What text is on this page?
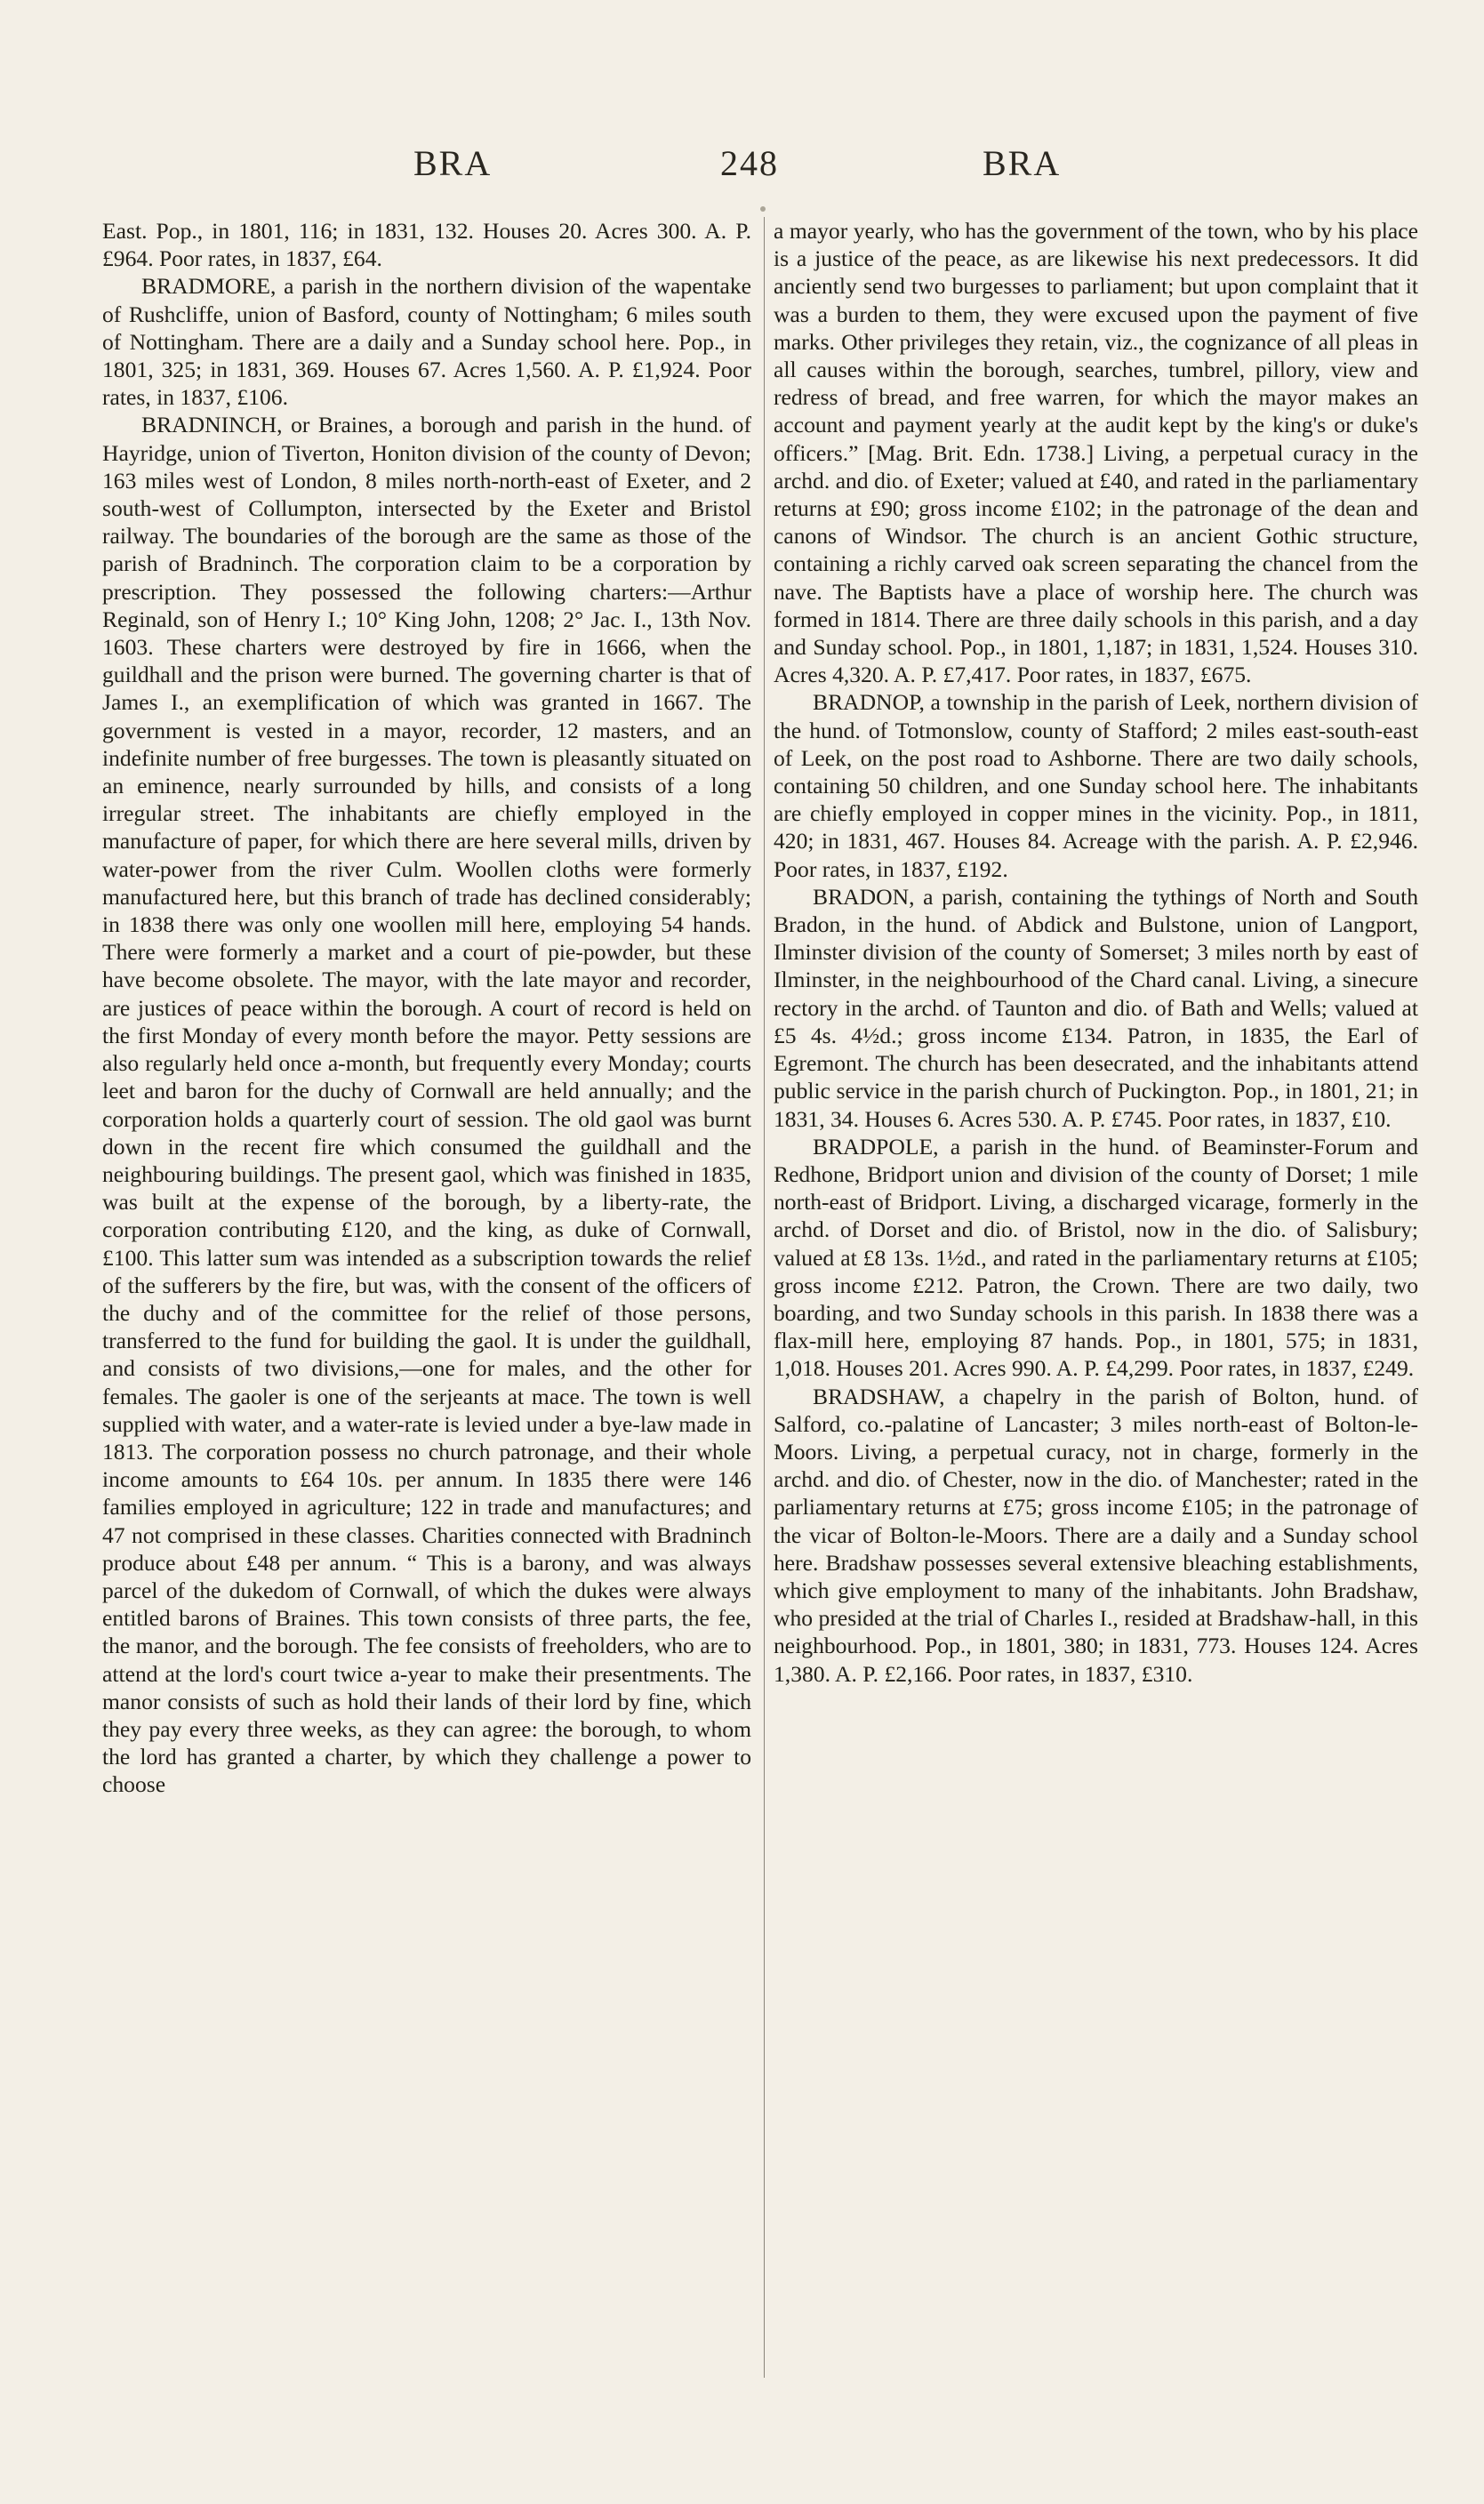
BRA	248	BRA

East. Pop., in 1801, 116; in 1831, 132. Houses 20. Acres 300. A. P. £964. Poor rates, in 1837, £64.

BRADMORE, a parish in the northern division of the wapentake of Rushcliffe, union of Basford, county of Nottingham; 6 miles south of Nottingham. There are a daily and a Sunday school here. Pop., in 1801, 325; in 1831, 369. Houses 67. Acres 1,560. A. P. £1,924. Poor rates, in 1837, £106.

BRADNINCH, or Braines, a borough and parish in the hund. of Hayridge, union of Tiverton, Honiton division of the county of Devon; 163 miles west of London, 8 miles north-north-east of Exeter, and 2 south-west of Collumpton, intersected by the Exeter and Bristol railway. The boundaries of the borough are the same as those of the parish of Bradninch. The corporation claim to be a corporation by prescription. They possessed the following charters:—Arthur Reginald, son of Henry I.; 10° King John, 1208; 2° Jac. I., 13th Nov. 1603. These charters were destroyed by fire in 1666, when the guildhall and the prison were burned. The governing charter is that of James I., an exemplification of which was granted in 1667. The government is vested in a mayor, recorder, 12 masters, and an indefinite number of free burgesses. The town is pleasantly situated on an eminence, nearly surrounded by hills, and consists of a long irregular street. The inhabitants are chiefly employed in the manufacture of paper, for which there are here several mills, driven by water-power from the river Culm. Woollen cloths were formerly manufactured here, but this branch of trade has declined considerably; in 1838 there was only one woollen mill here, employing 54 hands. There were formerly a market and a court of pie-powder, but these have become obsolete. The mayor, with the late mayor and recorder, are justices of peace within the borough. A court of record is held on the first Monday of every month before the mayor. Petty sessions are also regularly held once a-month, but frequently every Monday; courts leet and baron for the duchy of Cornwall are held annually; and the corporation holds a quarterly court of session. The old gaol was burnt down in the recent fire which consumed the guildhall and the neighbouring buildings. The present gaol, which was finished in 1835, was built at the expense of the borough, by a liberty-rate, the corporation contributing £120, and the king, as duke of Cornwall, £100. This latter sum was intended as a subscription towards the relief of the sufferers by the fire, but was, with the consent of the officers of the duchy and of the committee for the relief of those persons, transferred to the fund for building the gaol. It is under the guildhall, and consists of two divisions,—one for males, and the other for females. The gaoler is one of the serjeants at mace. The town is well supplied with water, and a water-rate is levied under a bye-law made in 1813. The corporation possess no church patronage, and their whole income amounts to £64 10s. per annum. In 1835 there were 146 families employed in agriculture; 122 in trade and manufactures; and 47 not comprised in these classes. Charities connected with Bradninch produce about £48 per annum. “ This is a barony, and was always parcel of the dukedom of Cornwall, of which the dukes were always entitled barons of Braines. This town consists of three parts, the fee, the manor, and the borough. The fee consists of freeholders, who are to attend at the lord's court twice a-year to make their presentments. The manor consists of such as hold their lands of their lord by fine, which they pay every three weeks, as they can agree: the borough, to whom the lord has granted a charter, by which they challenge a power to choose

a mayor yearly, who has the government of the town, who by his place is a justice of the peace, as are likewise his next predecessors. It did anciently send two burgesses to parliament; but upon complaint that it was a burden to them, they were excused upon the payment of five marks. Other privileges they retain, viz., the cognizance of all pleas in all causes within the borough, searches, tumbrel, pillory, view and redress of bread, and free warren, for which the mayor makes an account and payment yearly at the audit kept by the king's or duke's officers.” [Mag. Brit. Edn. 1738.] Living, a perpetual curacy in the archd. and dio. of Exeter; valued at £40, and rated in the parliamentary returns at £90; gross income £102; in the patronage of the dean and canons of Windsor. The church is an ancient Gothic structure, containing a richly carved oak screen separating the chancel from the nave. The Baptists have a place of worship here. The church was formed in 1814. There are three daily schools in this parish, and a day and Sunday school. Pop., in 1801, 1,187; in 1831, 1,524. Houses 310. Acres 4,320. A. P. £7,417. Poor rates, in 1837, £675.

BRADNOP, a township in the parish of Leek, northern division of the hund. of Totmonslow, county of Stafford; 2 miles east-south-east of Leek, on the post road to Ashborne. There are two daily schools, containing 50 children, and one Sunday school here. The inhabitants are chiefly employed in copper mines in the vicinity. Pop., in 1811, 420; in 1831, 467. Houses 84. Acreage with the parish. A. P. £2,946. Poor rates, in 1837, £192.

BRADON, a parish, containing the tythings of North and South Bradon, in the hund. of Abdick and Bulstone, union of Langport, Ilminster division of the county of Somerset; 3 miles north by east of Ilminster, in the neighbourhood of the Chard canal. Living, a sinecure rectory in the archd. of Taunton and dio. of Bath and Wells; valued at £5 4s. 4½d.; gross income £134. Patron, in 1835, the Earl of Egremont. The church has been desecrated, and the inhabitants attend public service in the parish church of Puckington. Pop., in 1801, 21; in 1831, 34. Houses 6. Acres 530. A. P. £745. Poor rates, in 1837, £10.

BRADPOLE, a parish in the hund. of Beaminster-Forum and Redhone, Bridport union and division of the county of Dorset; 1 mile north-east of Bridport. Living, a discharged vicarage, formerly in the archd. of Dorset and dio. of Bristol, now in the dio. of Salisbury; valued at £8 13s. 1½d., and rated in the parliamentary returns at £105; gross income £212. Patron, the Crown. There are two daily, two boarding, and two Sunday schools in this parish. In 1838 there was a flax-mill here, employing 87 hands. Pop., in 1801, 575; in 1831, 1,018. Houses 201. Acres 990. A. P. £4,299. Poor rates, in 1837, £249.

BRADSHAW, a chapelry in the parish of Bolton, hund. of Salford, co.-palatine of Lancaster; 3 miles north-east of Bolton-le-Moors. Living, a perpetual curacy, not in charge, formerly in the archd. and dio. of Chester, now in the dio. of Manchester; rated in the parliamentary returns at £75; gross income £105; in the patronage of the vicar of Bolton-le-Moors. There are a daily and a Sunday school here. Bradshaw possesses several extensive bleaching establishments, which give employment to many of the inhabitants. John Bradshaw, who presided at the trial of Charles I., resided at Bradshaw-hall, in this neighbourhood. Pop., in 1801, 380; in 1831, 773. Houses 124. Acres 1,380. A. P. £2,166. Poor rates, in 1837, £310.
